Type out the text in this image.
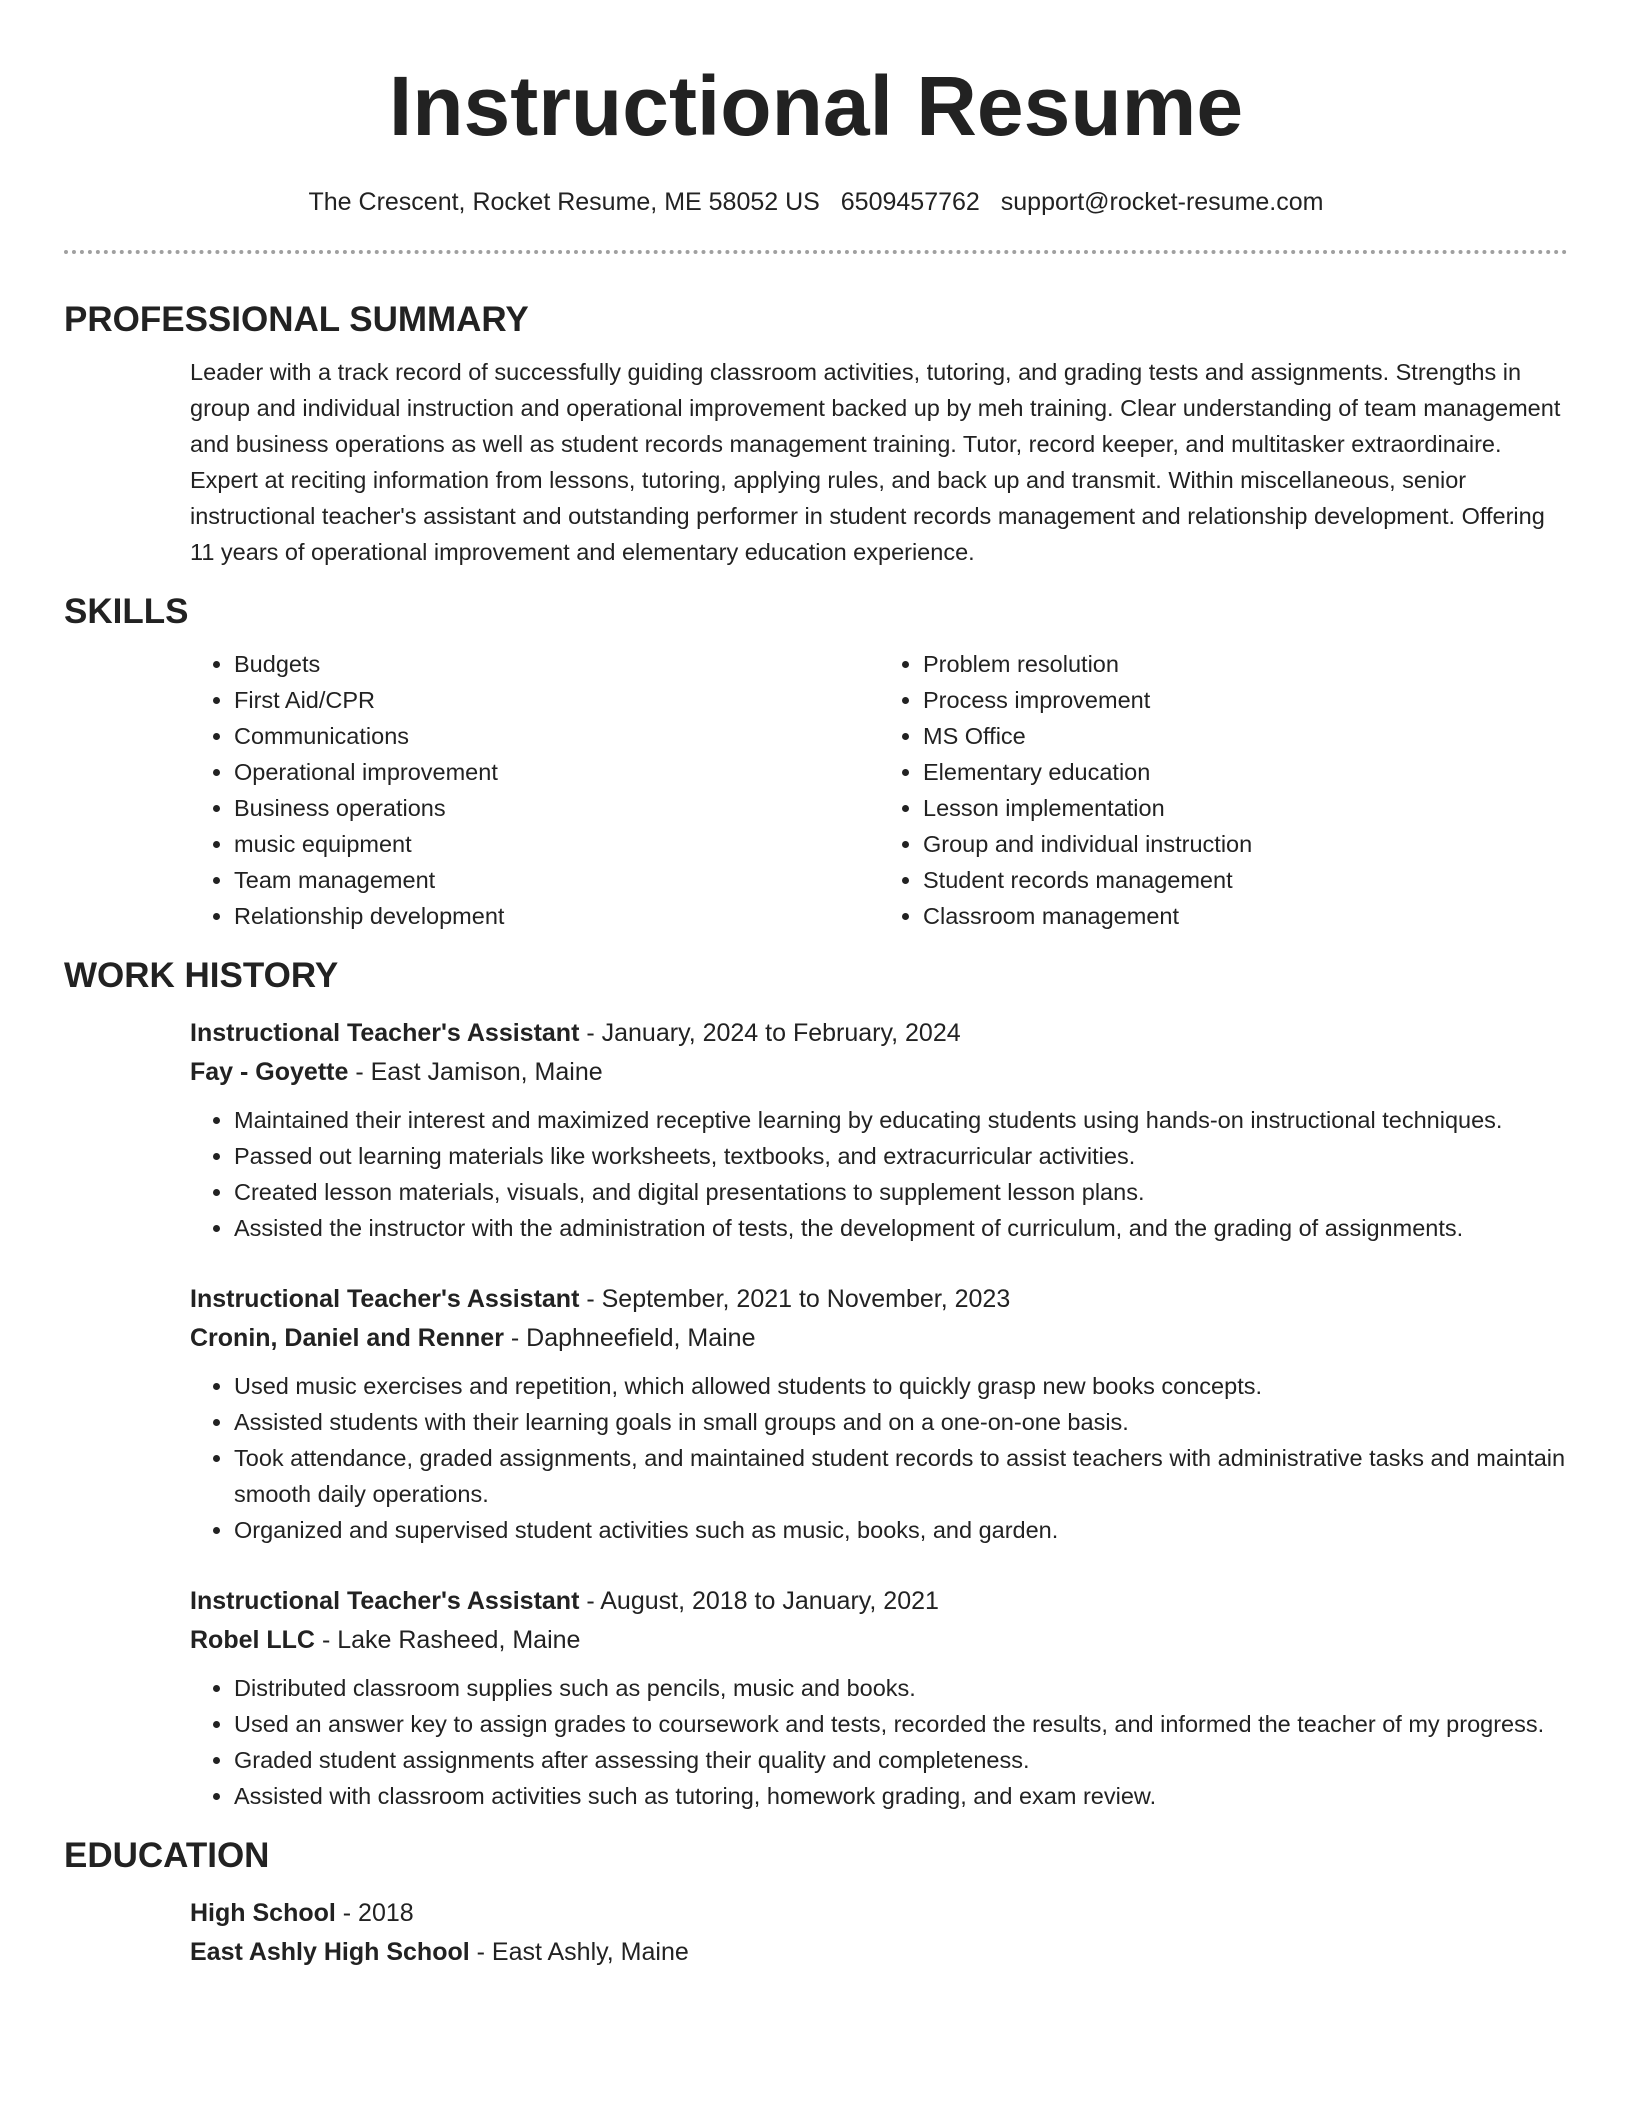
Instructional Resume
The Crescent, Rocket Resume, ME 58052 US 6509457762 support@rocket-resume.com
PROFESSIONAL SUMMARY
Leader with a track record of successfully guiding classroom activities, tutoring, and grading tests and assignments. Strengths in group and individual instruction and operational improvement backed up by meh training. Clear understanding of team management and business operations as well as student records management training. Tutor, record keeper, and multitasker extraordinaire. Expert at reciting information from lessons, tutoring, applying rules, and back up and transmit. Within miscellaneous, senior instructional teacher's assistant and outstanding performer in student records management and relationship development. Offering 11 years of operational improvement and elementary education experience.
SKILLS
• Budgets
• First Aid/CPR
• Communications
• Operational improvement
• Business operations
• music equipment
• Team management
• Relationship development
• Problem resolution
• Process improvement
• MS Office
• Elementary education
• Lesson implementation
• Group and individual instruction
• Student records management
• Classroom management
WORK HISTORY
Instructional Teacher's Assistant - January, 2024 to February, 2024
Fay - Goyette - East Jamison, Maine
• Maintained their interest and maximized receptive learning by educating students using hands-on instructional techniques.
• Passed out learning materials like worksheets, textbooks, and extracurricular activities.
• Created lesson materials, visuals, and digital presentations to supplement lesson plans.
• Assisted the instructor with the administration of tests, the development of curriculum, and the grading of assignments.
Instructional Teacher's Assistant - September, 2021 to November, 2023
Cronin, Daniel and Renner - Daphneefield, Maine
• Used music exercises and repetition, which allowed students to quickly grasp new books concepts.
• Assisted students with their learning goals in small groups and on a one-on-one basis.
• Took attendance, graded assignments, and maintained student records to assist teachers with administrative tasks and maintain smooth daily operations.
• Organized and supervised student activities such as music, books, and garden.
Instructional Teacher's Assistant - August, 2018 to January, 2021
Robel LLC - Lake Rasheed, Maine
• Distributed classroom supplies such as pencils, music and books.
• Used an answer key to assign grades to coursework and tests, recorded the results, and informed the teacher of my progress.
• Graded student assignments after assessing their quality and completeness.
• Assisted with classroom activities such as tutoring, homework grading, and exam review.
EDUCATION
High School - 2018
East Ashly High School - East Ashly, Maine
